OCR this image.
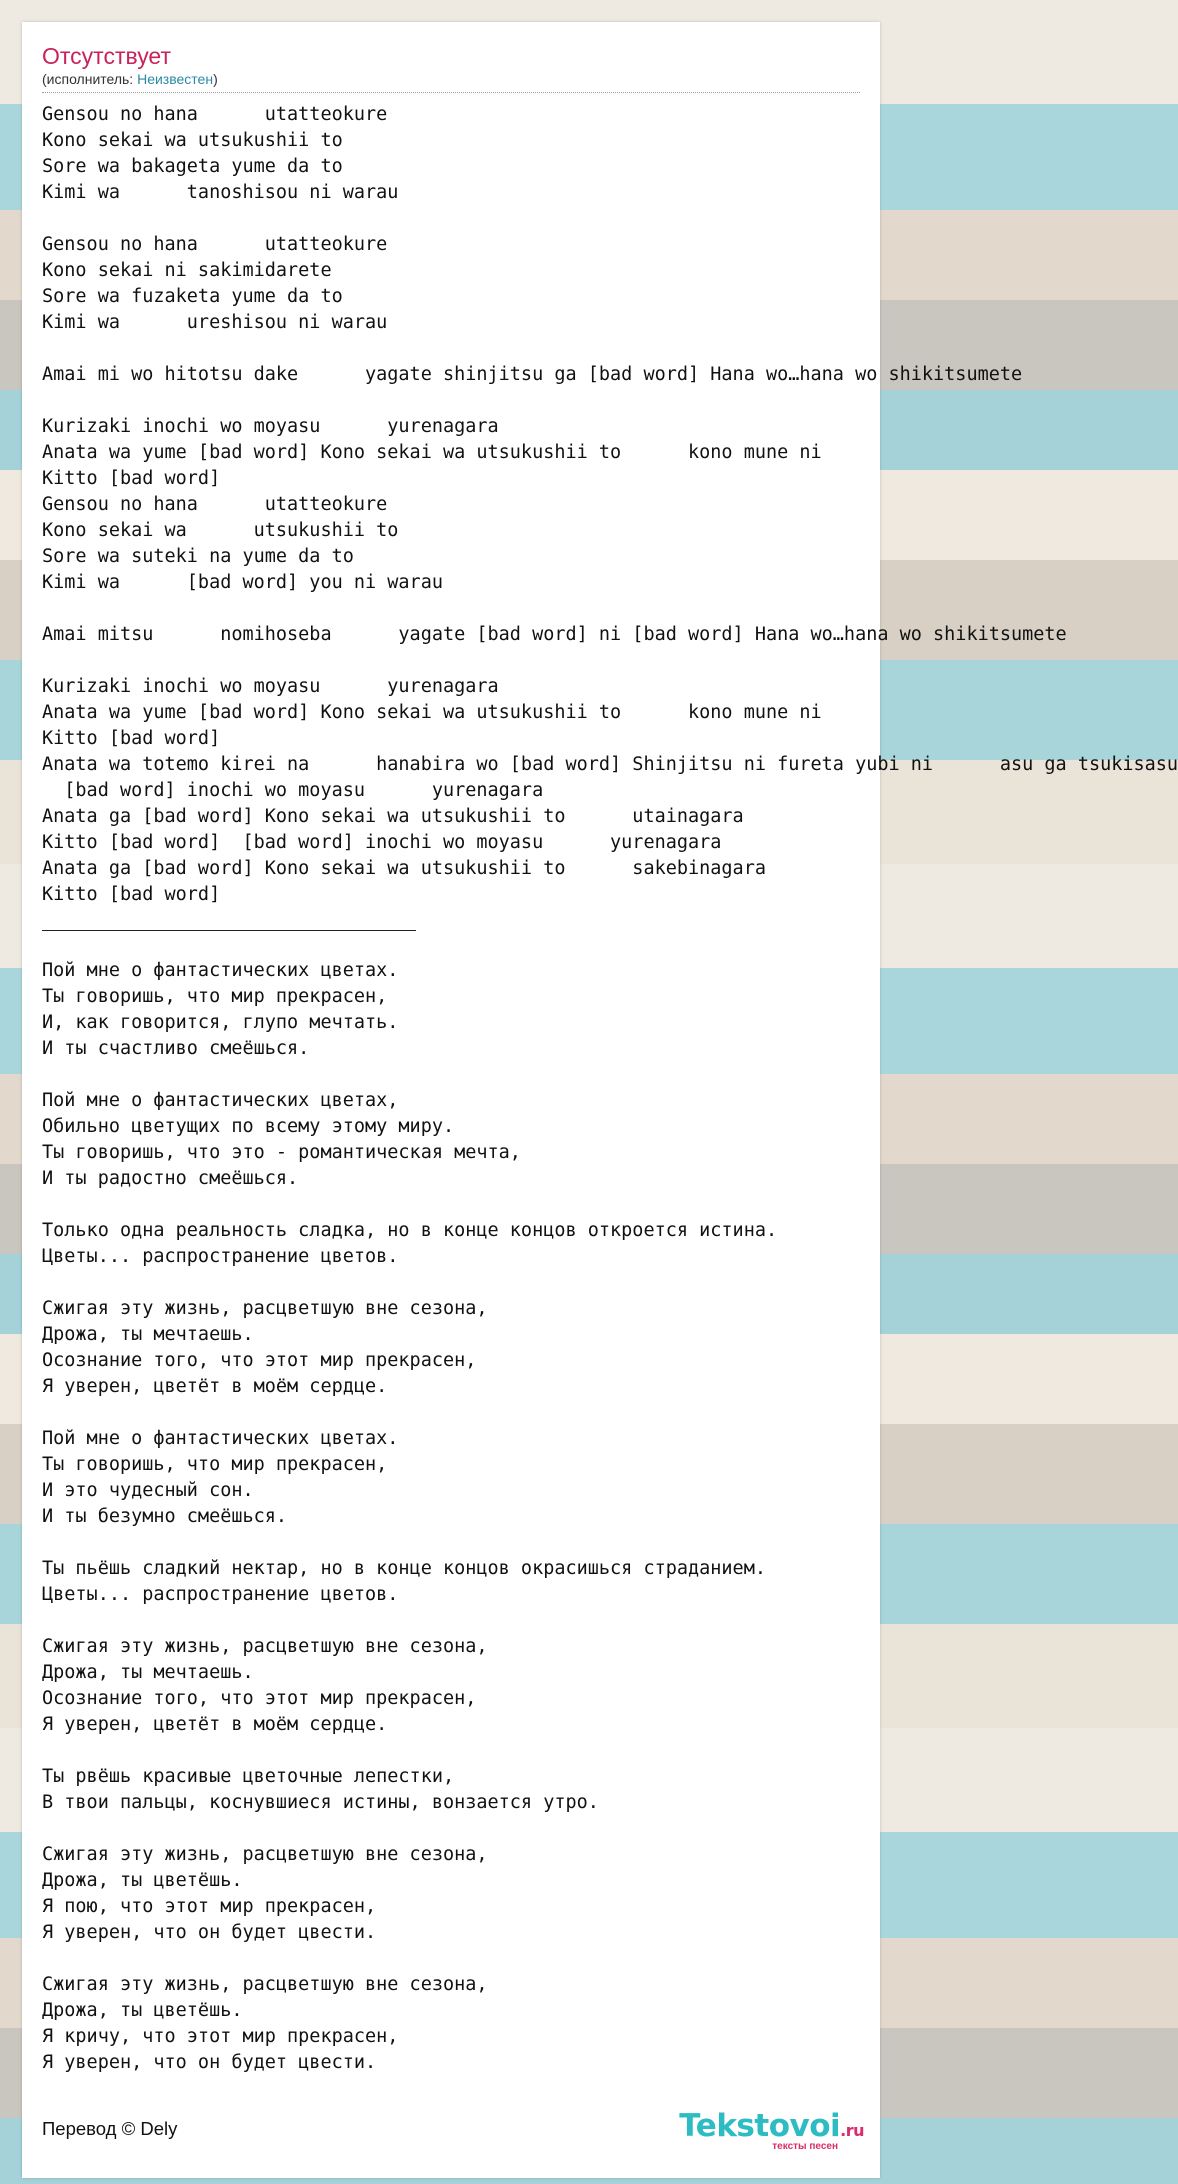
Отсутствует
(исполнитель: Неизвестен)
Gensou no hana      utatteokure
Kono sekai wa utsukushii to
Sore wa bakageta yume da to
Kimi wa      tanoshisou ni warau

Gensou no hana      utatteokure
Kono sekai ni sakimidarete
Sore wa fuzaketa yume da to
Kimi wa      ureshisou ni warau

Amai mi wo hitotsu dake      yagate shinjitsu ga [bad word] Hana wo…hana wo shikitsumete

Kurizaki inochi wo moyasu      yurenagara
Anata wa yume [bad word] Kono sekai wa utsukushii to      kono mune ni
Kitto [bad word]
Gensou no hana      utatteokure
Kono sekai wa      utsukushii to
Sore wa suteki na yume da to
Kimi wa      [bad word] you ni warau

Amai mitsu      nomihoseba      yagate [bad word] ni [bad word] Hana wo…hana wo shikitsumete

Kurizaki inochi wo moyasu      yurenagara
Anata wa yume [bad word] Kono sekai wa utsukushii to      kono mune ni
Kitto [bad word]
Anata wa totemo kirei na      hanabira wo [bad word] Shinjitsu ni fureta yubi ni      asu ga tsukisasu
[bad word] inochi wo moyasu      yurenagara
Anata ga [bad word] Kono sekai wa utsukushii to      utainagara
Kitto [bad word]  [bad word] inochi wo moyasu      yurenagara
Anata ga [bad word] Kono sekai wa utsukushii to      sakebinagara
Kitto [bad word]
Пой мне о фантастических цветах.
Ты говоришь, что мир прекрасен,
И, как говорится, глупо мечтать.
И ты счастливо смеёшься.

Пой мне о фантастических цветах,
Обильно цветущих по всему этому миру.
Ты говоришь, что это - романтическая мечта,
И ты радостно смеёшься.

Только одна реальность сладка, но в конце концов откроется истина.
Цветы... распространение цветов.

Сжигая эту жизнь, расцветшую вне сезона,
Дрожа, ты мечтаешь.
Осознание того, что этот мир прекрасен,
Я уверен, цветёт в моём сердце.

Пой мне о фантастических цветах.
Ты говоришь, что мир прекрасен,
И это чудесный сон.
И ты безумно смеёшься.

Ты пьёшь сладкий нектар, но в конце концов окрасишься страданием.
Цветы... распространение цветов.

Сжигая эту жизнь, расцветшую вне сезона,
Дрожа, ты мечтаешь.
Осознание того, что этот мир прекрасен,
Я уверен, цветёт в моём сердце.

Ты рвёшь красивые цветочные лепестки,
В твои пальцы, коснувшиеся истины, вонзается утро.

Сжигая эту жизнь, расцветшую вне сезона,
Дрожа, ты цветёшь.
Я пою, что этот мир прекрасен,
Я уверен, что он будет цвести.

Сжигая эту жизнь, расцветшую вне сезона,
Дрожа, ты цветёшь.
Я кричу, что этот мир прекрасен,
Я уверен, что он будет цвести.
Перевод © Dely	Tekstovoi.ru
тексты песен
